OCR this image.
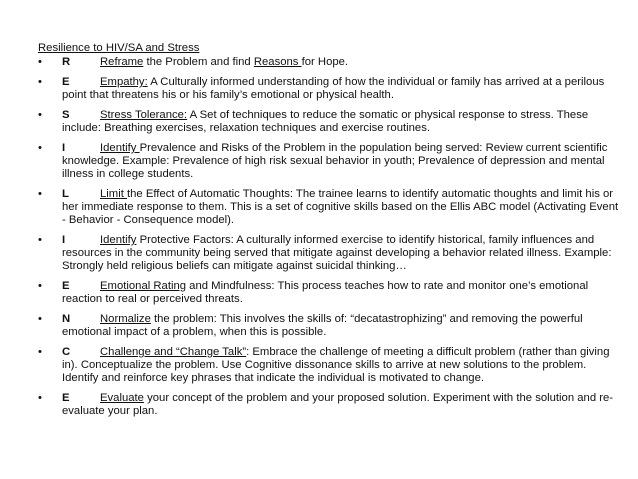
Resilience to HIV/SA and Stress
• R	Reframe the Problem and find Reasons for Hope.
• E	Empathy: A Culturally informed understanding of how the individual or family has arrived at a perilous point that threatens his or his family’s emotional or physical health.
• S	Stress Tolerance: A Set of techniques to reduce the somatic or physical response to stress. These include: Breathing exercises, relaxation techniques and exercise routines.
• I	Identify Prevalence and Risks of the Problem in the population being served: Review current scientific knowledge. Example: Prevalence of high risk sexual behavior in youth; Prevalence of depression and mental illness in college students.
• L	Limit the Effect of Automatic Thoughts: The trainee learns to identify automatic thoughts and limit his or her immediate response to them. This is a set of cognitive skills based on the Ellis ABC model (Activating Event - Behavior - Consequence model).
• I	Identify Protective Factors: A culturally informed exercise to identify historical, family influences and resources in the community being served that mitigate against developing a behavior related illness. Example: Strongly held religious beliefs can mitigate against suicidal thinking…
• E	Emotional Rating and Mindfulness: This process teaches how to rate and monitor one’s emotional reaction to real or perceived threats.
• N	Normalize the problem: This involves the skills of: “decatastrophizing” and removing the powerful emotional impact of a problem, when this is possible.
• C	Challenge and “Change Talk”: Embrace the challenge of meeting a difficult problem (rather than giving in). Conceptualize the problem. Use Cognitive dissonance skills to arrive at new solutions to the problem. Identify and reinforce key phrases that indicate the individual is motivated to change.
• E	Evaluate your concept of the problem and your proposed solution. Experiment with the solution and re-evaluate your plan.
